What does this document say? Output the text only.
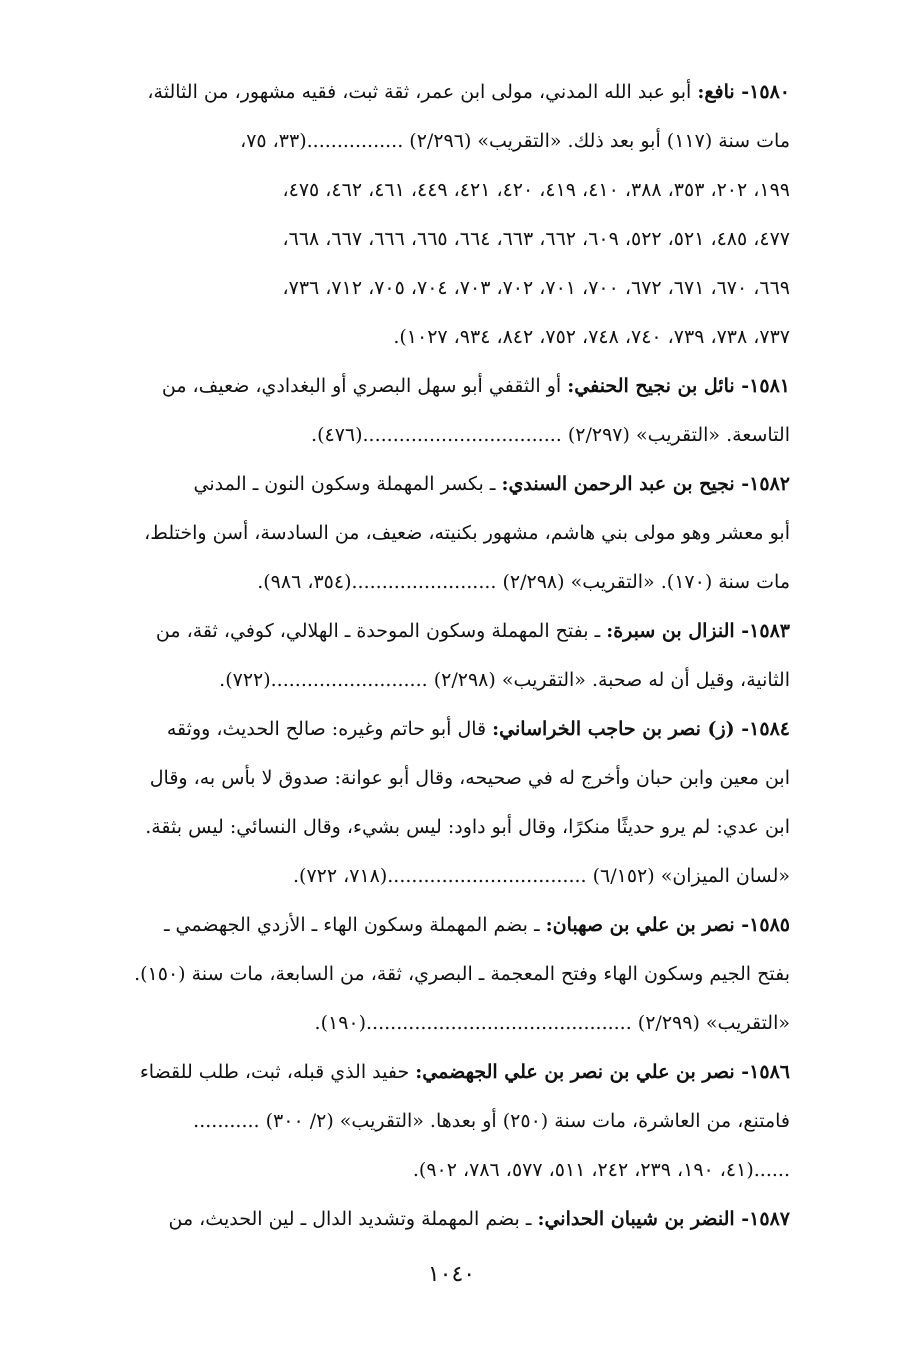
١٥٨٠- نافع: أبو عبد الله المدني، مولى ابن عمر، ثقة ثبت، فقيه مشهور، من الثالثة،
مات سنة (١١٧) أبو بعد ذلك. «التقريب» (٢/٢٩٦) ................(٣٣، ٧٥،
١٩٩، ٢٠٢، ٣٥٣، ٣٨٨، ٤١٠، ٤١٩، ٤٢٠، ٤٢١، ٤٤٩، ٤٦١، ٤٦٢، ٤٧٥،
٤٧٧، ٤٨٥، ٥٢١، ٥٢٢، ٦٠٩، ٦٦٢، ٦٦٣، ٦٦٤، ٦٦٥، ٦٦٦، ٦٦٧، ٦٦٨،
٦٦٩، ٦٧٠، ٦٧١، ٦٧٢، ٧٠٠، ٧٠١، ٧٠٢، ٧٠٣، ٧٠٤، ٧٠٥، ٧١٢، ٧٣٦،
٧٣٧، ٧٣٨، ٧٣٩، ٧٤٠، ٧٤٨، ٧٥٢، ٨٤٢، ٩٣٤، ١٠٢٧).
١٥٨١- نائل بن نجيح الحنفي: أو الثقفي أبو سهل البصري أو البغدادي، ضعيف، من
التاسعة. «التقريب» (٢/٢٩٧) .................................(٤٧٦).
١٥٨٢- نجيح بن عبد الرحمن السندي: ـ بكسر المهملة وسكون النون ـ المدني
أبو معشر وهو مولى بني هاشم، مشهور بكنيته، ضعيف، من السادسة، أسن واختلط،
مات سنة (١٧٠). «التقريب» (٢/٢٩٨) ........................(٣٥٤، ٩٨٦).
١٥٨٣- النزال بن سبرة: ـ بفتح المهملة وسكون الموحدة ـ الهلالي، كوفي، ثقة، من
الثانية، وقيل أن له صحبة. «التقريب» (٢/٢٩٨) ..........................(٧٢٢).
١٥٨٤- (ز) نصر بن حاجب الخراساني: قال أبو حاتم وغيره: صالح الحديث، ووثقه
ابن معين وابن حبان وأخرج له في صحيحه، وقال أبو عوانة: صدوق لا بأس به، وقال
ابن عدي: لم يرو حديثًا منكرًا، وقال أبو داود: ليس بشيء، وقال النسائي: ليس بثقة.
«لسان الميزان» (٦/١٥٢) .................................(٧١٨، ٧٢٢).
١٥٨٥- نصر بن علي بن صهبان: ـ بضم المهملة وسكون الهاء ـ الأزدي الجهضمي ـ
بفتح الجيم وسكون الهاء وفتح المعجمة ـ البصري، ثقة، من السابعة، مات سنة (١٥٠).
«التقريب» (٢/٢٩٩) ............................................(١٩٠).
١٥٨٦- نصر بن علي بن نصر بن علي الجهضمي: حفيد الذي قبله، ثبت، طلب للقضاء
فامتنع، من العاشرة، مات سنة (٢٥٠) أو بعدها. «التقريب» (٢/ ٣٠٠) ...........
......(٤١، ١٩٠، ٢٣٩، ٢٤٢، ٥١١، ٥٧٧، ٧٨٦، ٩٠٢).
١٥٨٧- النضر بن شيبان الحداني: ـ بضم المهملة وتشديد الدال ـ لين الحديث، من
١٠٤٠
